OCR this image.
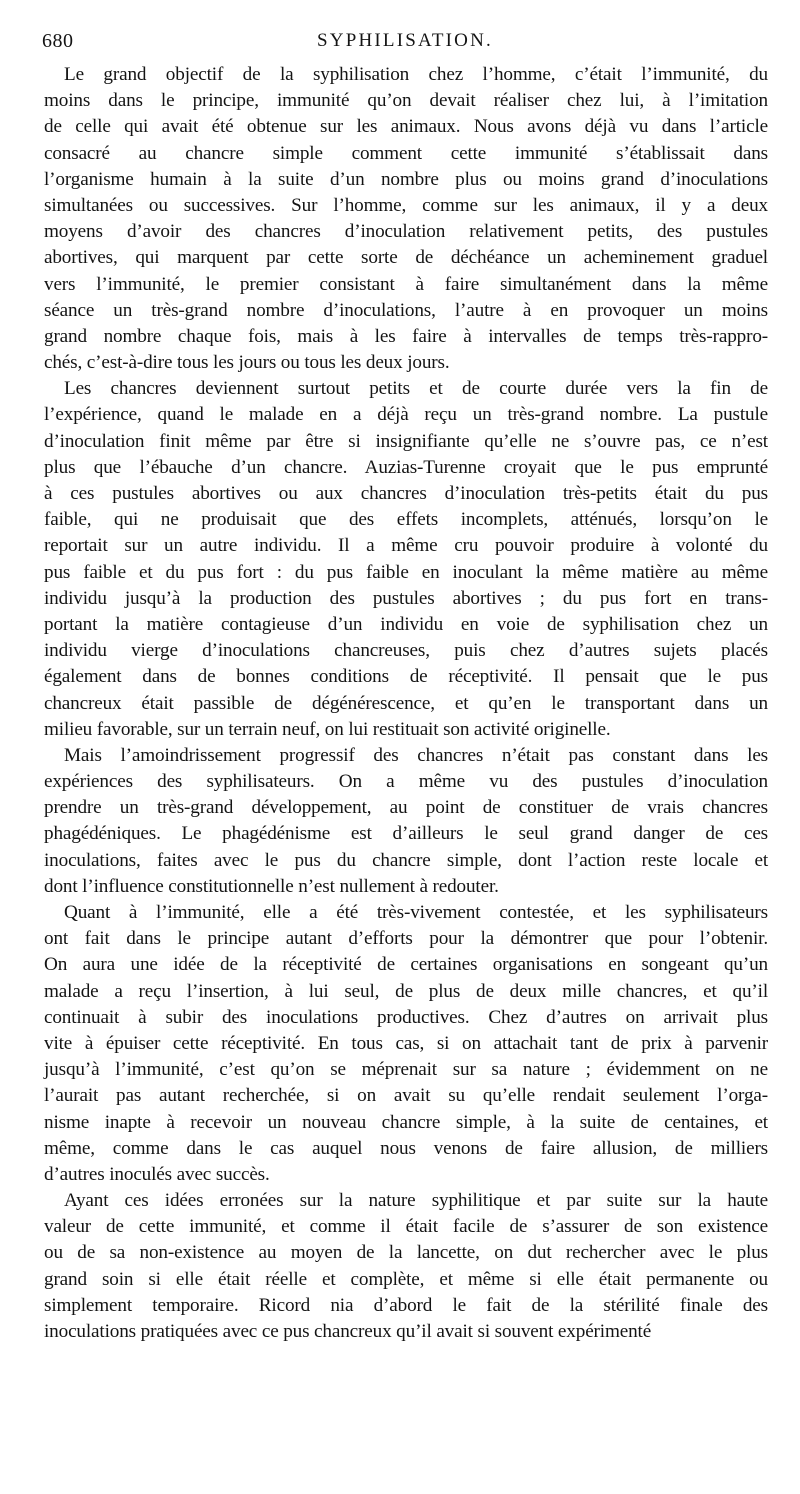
680	SYPHILISATION.
Le grand objectif de la syphilisation chez l’homme, c’était l’immunité, du
moins dans le principe, immunité qu’on devait réaliser chez lui, à l’imitation
de celle qui avait été obtenue sur les animaux. Nous avons déjà vu dans l’article
consacré au chancre simple comment cette immunité s’établissait dans
l’organisme humain à la suite d’un nombre plus ou moins grand d’inoculations
simultanées ou successives. Sur l’homme, comme sur les animaux, il y a deux
moyens d’avoir des chancres d’inoculation relativement petits, des pustules
abortives, qui marquent par cette sorte de déchéance un acheminement graduel
vers l’immunité, le premier consistant à faire simultanément dans la même
séance un très-grand nombre d’inoculations, l’autre à en provoquer un moins
grand nombre chaque fois, mais à les faire à intervalles de temps très-rappro-
chés, c’est-à-dire tous les jours ou tous les deux jours.
Les chancres deviennent surtout petits et de courte durée vers la fin de
l’expérience, quand le malade en a déjà reçu un très-grand nombre. La pustule
d’inoculation finit même par être si insignifiante qu’elle ne s’ouvre pas, ce n’est
plus que l’ébauche d’un chancre. Auzias-Turenne croyait que le pus emprunté
à ces pustules abortives ou aux chancres d’inoculation très-petits était du pus
faible, qui ne produisait que des effets incomplets, atténués, lorsqu’on le
reportait sur un autre individu. Il a même cru pouvoir produire à volonté du
pus faible et du pus fort : du pus faible en inoculant la même matière au même
individu jusqu’à la production des pustules abortives ; du pus fort en trans-
portant la matière contagieuse d’un individu en voie de syphilisation chez un
individu vierge d’inoculations chancreuses, puis chez d’autres sujets placés
également dans de bonnes conditions de réceptivité. Il pensait que le pus
chancreux était passible de dégénérescence, et qu’en le transportant dans un
milieu favorable, sur un terrain neuf, on lui restituait son activité originelle.
Mais l’amoindrissement progressif des chancres n’était pas constant dans les
expériences des syphilisateurs. On a même vu des pustules d’inoculation
prendre un très-grand développement, au point de constituer de vrais chancres
phagédéniques. Le phagédénisme est d’ailleurs le seul grand danger de ces
inoculations, faites avec le pus du chancre simple, dont l’action reste locale et
dont l’influence constitutionnelle n’est nullement à redouter.
Quant à l’immunité, elle a été très-vivement contestée, et les syphilisateurs
ont fait dans le principe autant d’efforts pour la démontrer que pour l’obtenir.
On aura une idée de la réceptivité de certaines organisations en songeant qu’un
malade a reçu l’insertion, à lui seul, de plus de deux mille chancres, et qu’il
continuait à subir des inoculations productives. Chez d’autres on arrivait plus
vite à épuiser cette réceptivité. En tous cas, si on attachait tant de prix à parvenir
jusqu’à l’immunité, c’est qu’on se méprenait sur sa nature ; évidemment on ne
l’aurait pas autant recherchée, si on avait su qu’elle rendait seulement l’orga-
nisme inapte à recevoir un nouveau chancre simple, à la suite de centaines, et
même, comme dans le cas auquel nous venons de faire allusion, de milliers
d’autres inoculés avec succès.
Ayant ces idées erronées sur la nature syphilitique et par suite sur la haute
valeur de cette immunité, et comme il était facile de s’assurer de son existence
ou de sa non-existence au moyen de la lancette, on dut rechercher avec le plus
grand soin si elle était réelle et complète, et même si elle était permanente ou
simplement temporaire. Ricord nia d’abord le fait de la stérilité finale des
inoculations pratiquées avec ce pus chancreux qu’il avait si souvent expérimenté
